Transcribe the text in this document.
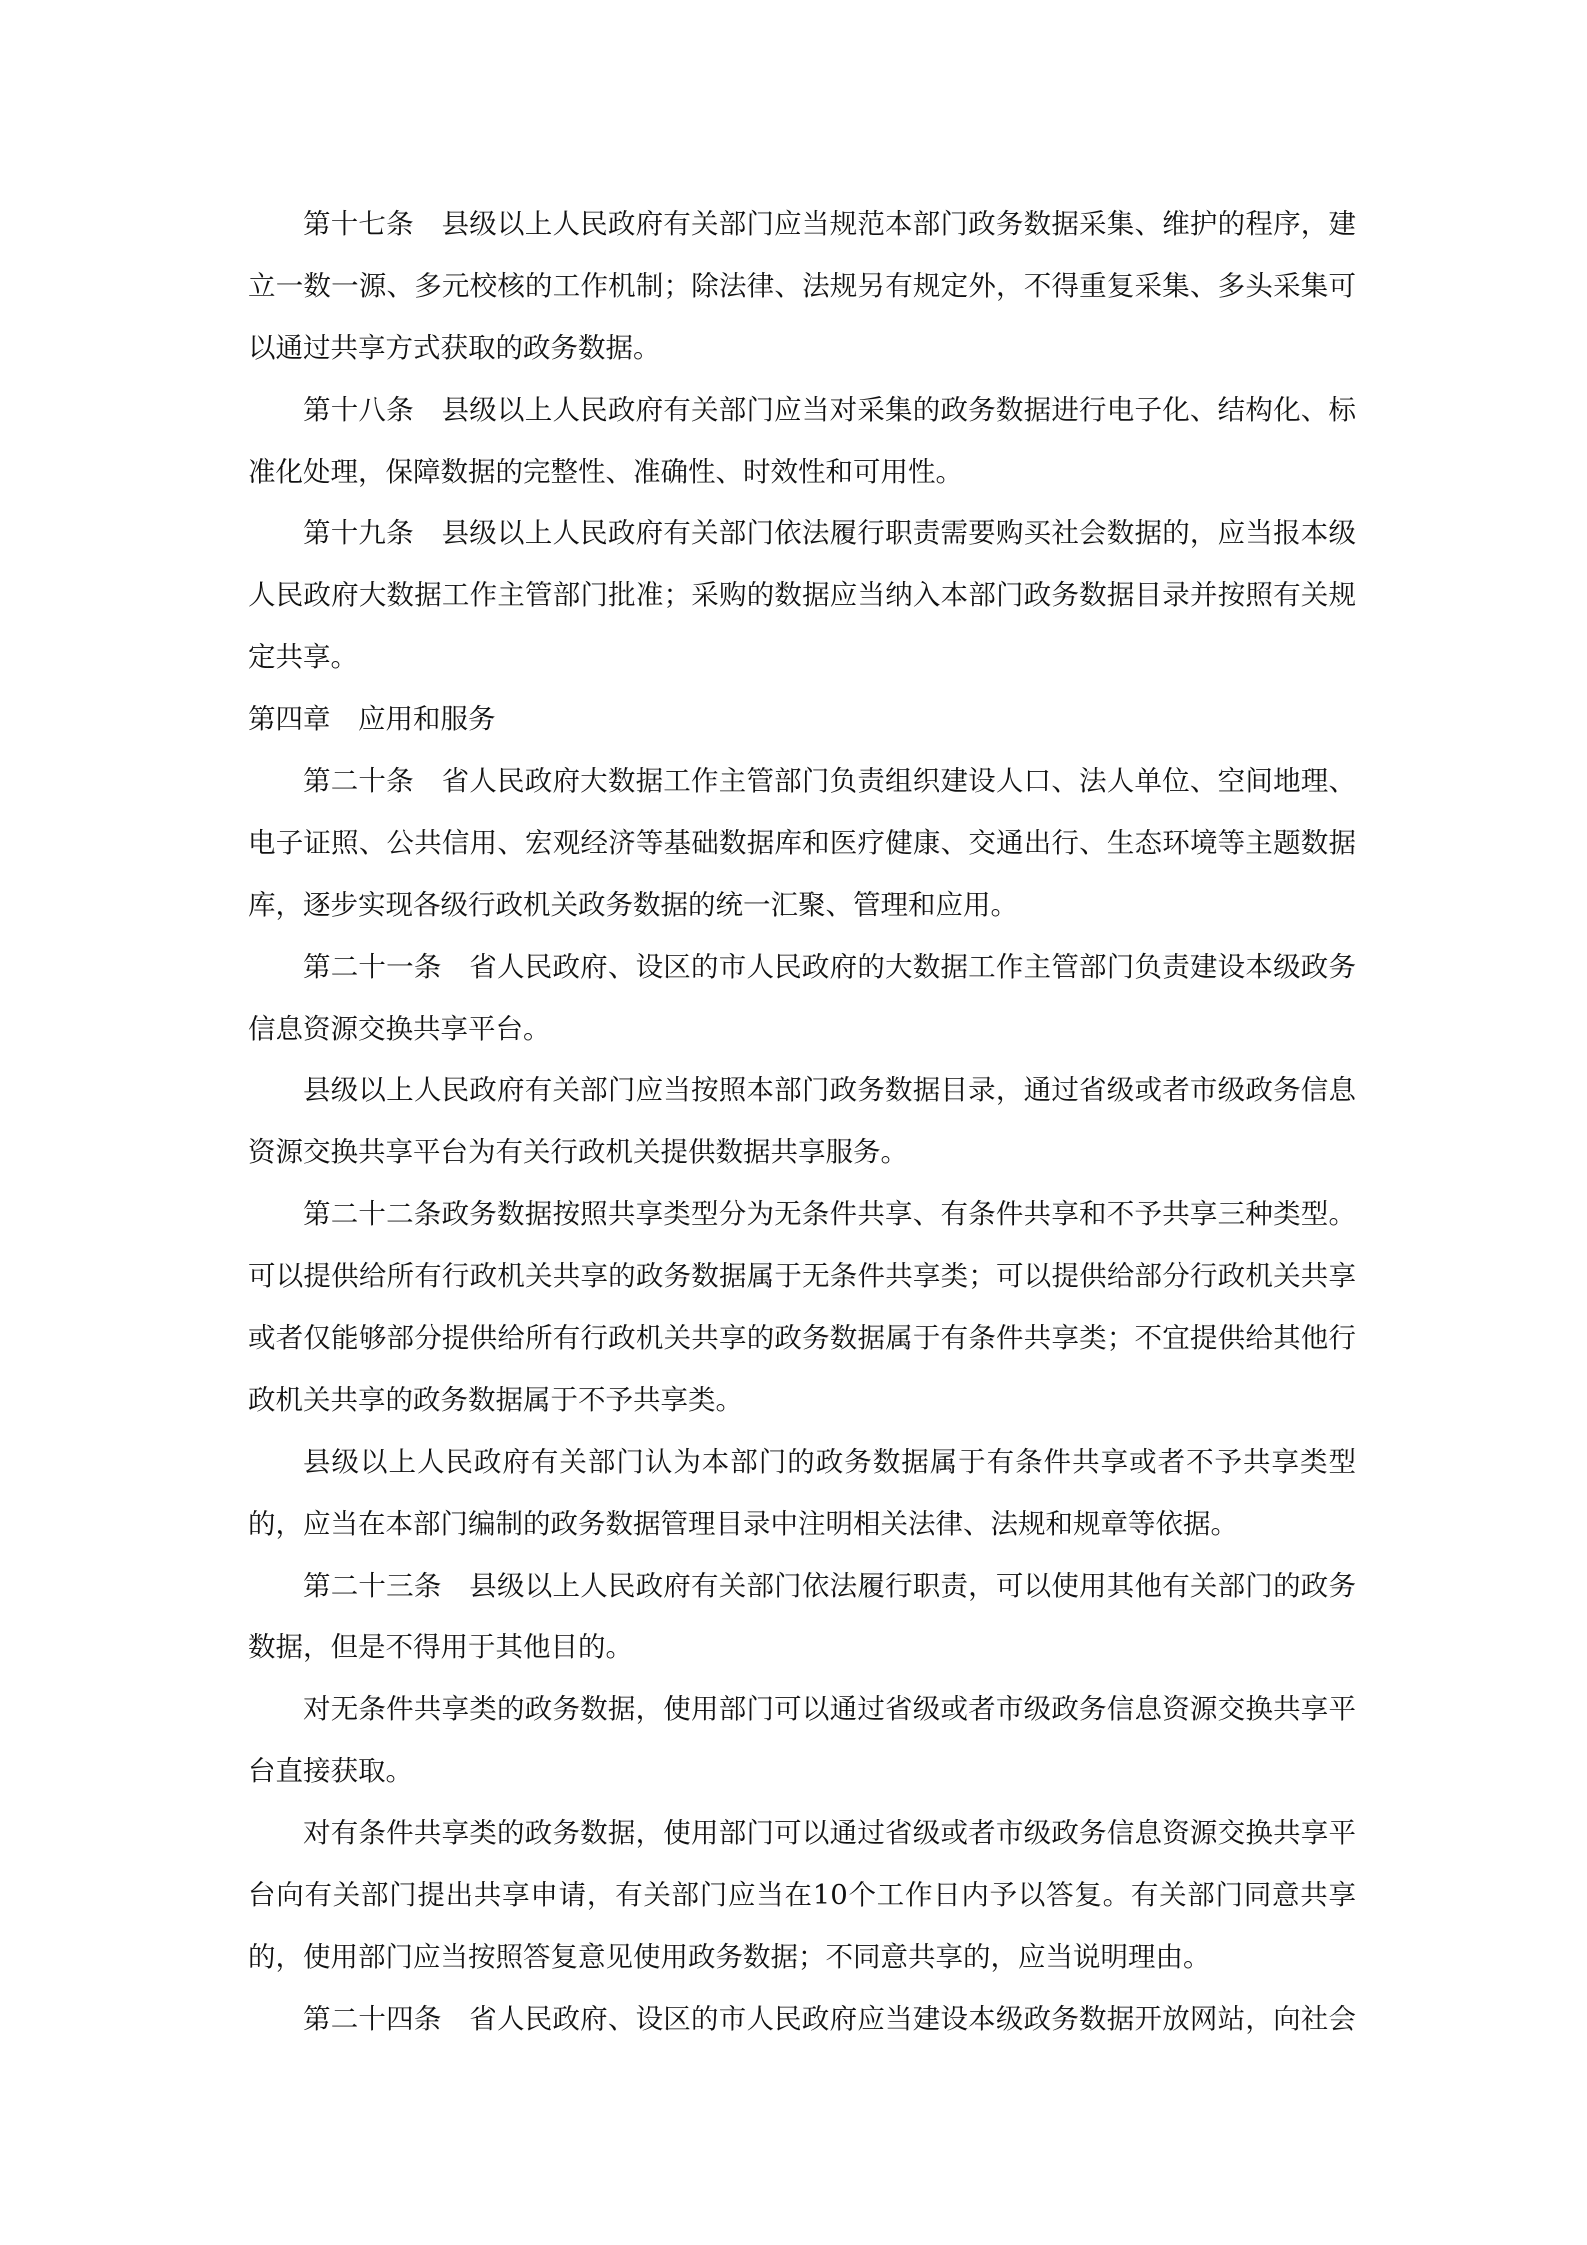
第十七条　县级以上人民政府有关部门应当规范本部门政务数据采集、维护的程序，建
立一数一源、多元校核的工作机制；除法律、法规另有规定外，不得重复采集、多头采集可
以通过共享方式获取的政务数据。
第十八条　县级以上人民政府有关部门应当对采集的政务数据进行电子化、结构化、标
准化处理，保障数据的完整性、准确性、时效性和可用性。
第十九条　县级以上人民政府有关部门依法履行职责需要购买社会数据的，应当报本级
人民政府大数据工作主管部门批准；采购的数据应当纳入本部门政务数据目录并按照有关规
定共享。
第四章　应用和服务
第二十条　省人民政府大数据工作主管部门负责组织建设人口、法人单位、空间地理、
电子证照、公共信用、宏观经济等基础数据库和医疗健康、交通出行、生态环境等主题数据
库，逐步实现各级行政机关政务数据的统一汇聚、管理和应用。
第二十一条　省人民政府、设区的市人民政府的大数据工作主管部门负责建设本级政务
信息资源交换共享平台。
县级以上人民政府有关部门应当按照本部门政务数据目录，通过省级或者市级政务信息
资源交换共享平台为有关行政机关提供数据共享服务。
第二十二条政务数据按照共享类型分为无条件共享、有条件共享和不予共享三种类型。
可以提供给所有行政机关共享的政务数据属于无条件共享类；可以提供给部分行政机关共享
或者仅能够部分提供给所有行政机关共享的政务数据属于有条件共享类；不宜提供给其他行
政机关共享的政务数据属于不予共享类。
县级以上人民政府有关部门认为本部门的政务数据属于有条件共享或者不予共享类型
的，应当在本部门编制的政务数据管理目录中注明相关法律、法规和规章等依据。
第二十三条　县级以上人民政府有关部门依法履行职责，可以使用其他有关部门的政务
数据，但是不得用于其他目的。
对无条件共享类的政务数据，使用部门可以通过省级或者市级政务信息资源交换共享平
台直接获取。
对有条件共享类的政务数据，使用部门可以通过省级或者市级政务信息资源交换共享平
台向有关部门提出共享申请，有关部门应当在10个工作日内予以答复。有关部门同意共享
的，使用部门应当按照答复意见使用政务数据；不同意共享的，应当说明理由。
第二十四条　省人民政府、设区的市人民政府应当建设本级政务数据开放网站，向社会
